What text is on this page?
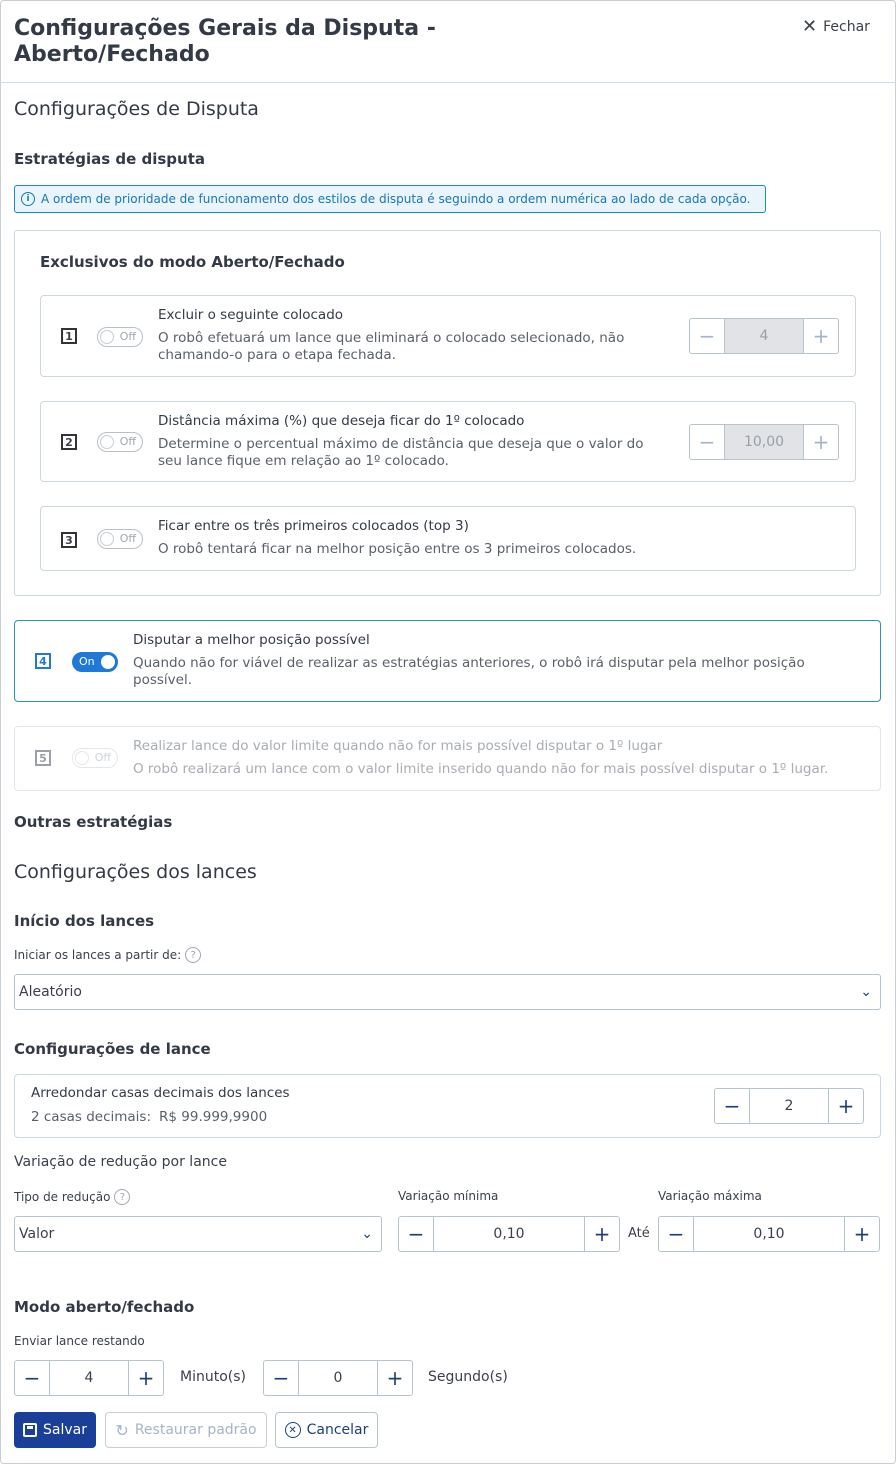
Configurações Gerais da Disputa -
Aberto/Fechado
✕ Fechar
Configurações de Disputa
Estratégias de disputa
i A ordem de prioridade de funcionamento dos estilos de disputa é seguindo a ordem numérica ao lado de cada opção.
Exclusivos do modo Aberto/Fechado
1	Off
Excluir o seguinte colocado
O robô efetuará um lance que eliminará o colocado selecionado, não
chamando-o para o etapa fechada.
−	4	+
2	Off
Distância máxima (%) que deseja ficar do 1º colocado
Determine o percentual máximo de distância que deseja que o valor do
seu lance fique em relação ao 1º colocado.
−	10,00	+
3	Off
Ficar entre os três primeiros colocados (top 3)
O robô tentará ficar na melhor posição entre os 3 primeiros colocados.
4	On
Disputar a melhor posição possível
Quando não for viável de realizar as estratégias anteriores, o robô irá disputar pela melhor posição
possível.
5	Off
Realizar lance do valor limite quando não for mais possível disputar o 1º lugar
O robô realizará um lance com o valor limite inserido quando não for mais possível disputar o 1º lugar.
Outras estratégias
Configurações dos lances
Início dos lances
Iniciar os lances a partir de: ?
Aleatório	⌄
Configurações de lance
Arredondar casas decimais dos lances
2 casas decimais: R$ 99.999,9900	−	2	+
Variação de redução por lance
Tipo de redução ?
Valor	⌄
Variação mínima
−	0,10	+	Até
Variação máxima
−	0,10	+
Modo aberto/fechado
Enviar lance restando
−	4	+	Minuto(s)	−	0	+	Segundo(s)
Salvar ↻ Restaurar padrão	✕ Cancelar
